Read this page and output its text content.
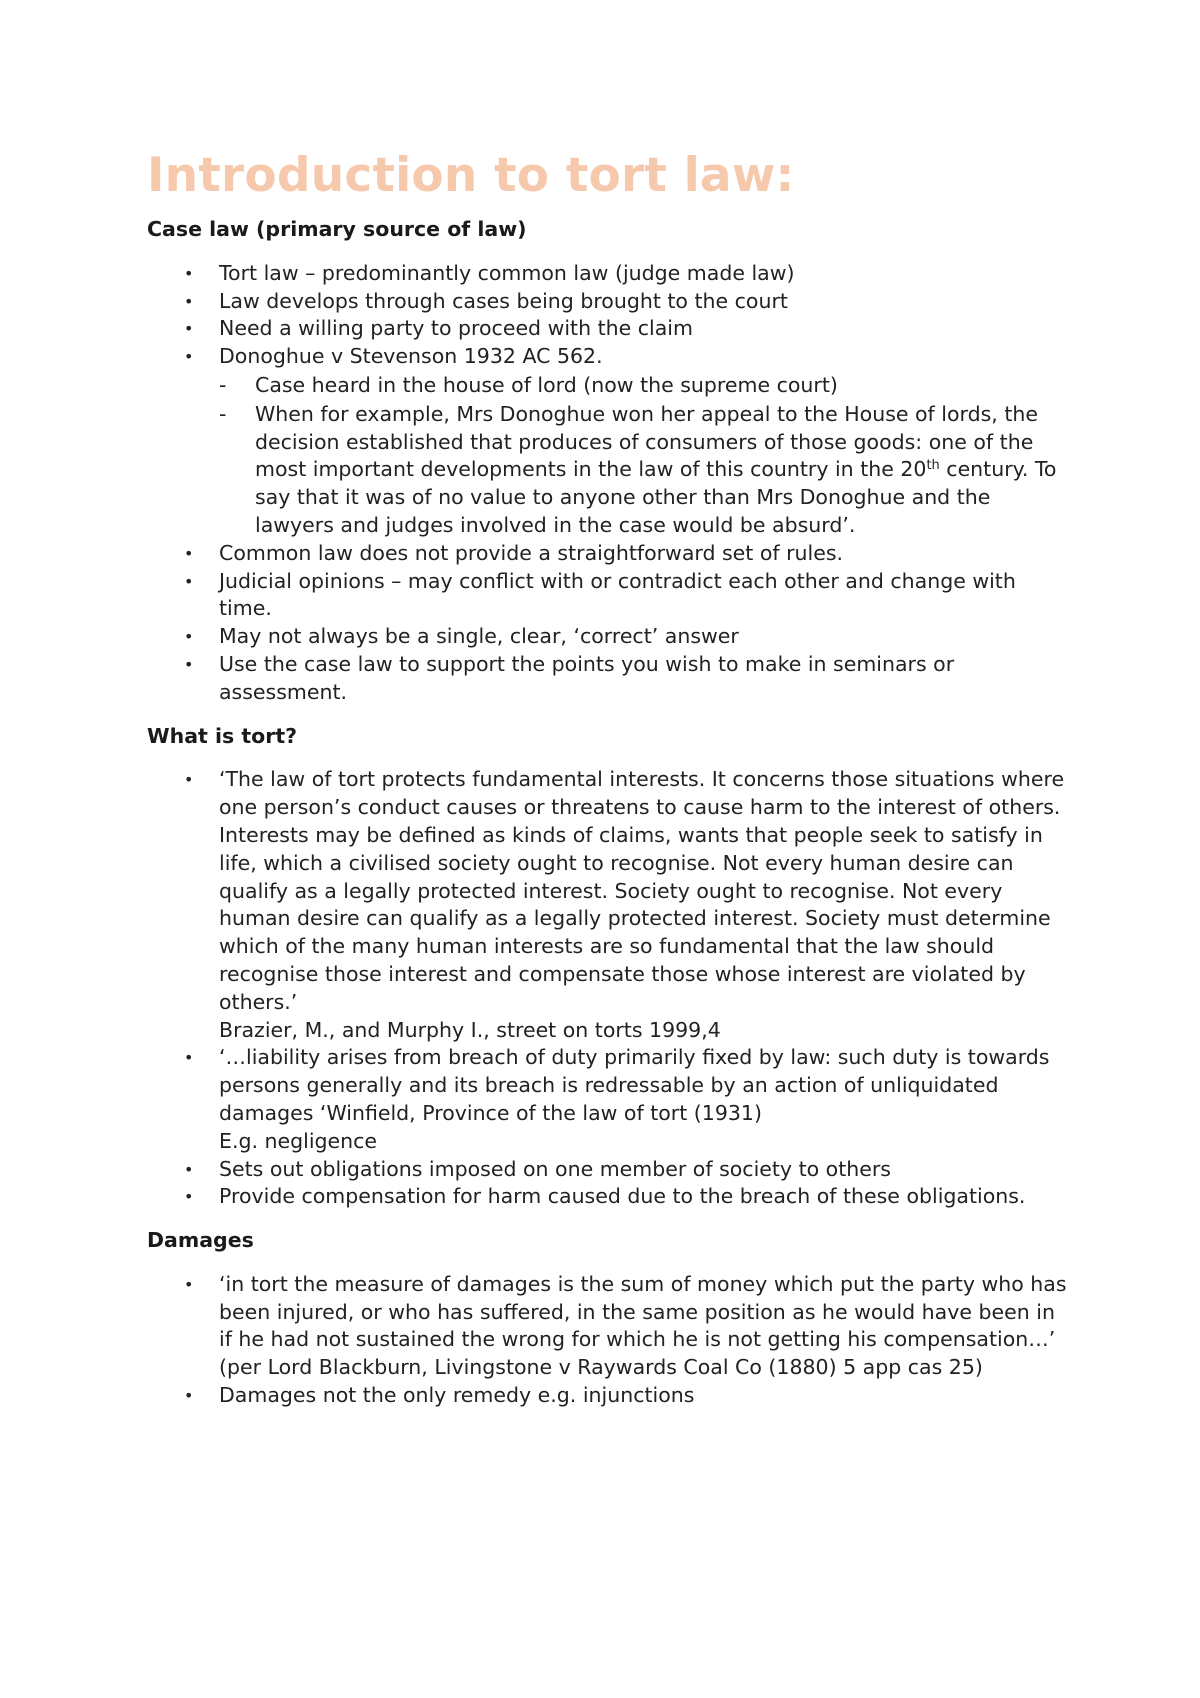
Introduction to tort law:
Case law (primary source of law)
• Tort law – predominantly common law (judge made law)
• Law develops through cases being brought to the court
• Need a willing party to proceed with the claim
• Donoghue v Stevenson 1932 AC 562.
- Case heard in the house of lord (now the supreme court)
- When for example, Mrs Donoghue won her appeal to the House of lords, the decision established that produces of consumers of those goods: one of the most important developments in the law of this country in the 20th century. To say that it was of no value to anyone other than Mrs Donoghue and the lawyers and judges involved in the case would be absurd’.
• Common law does not provide a straightforward set of rules.
• Judicial opinions – may conflict with or contradict each other and change with time.
• May not always be a single, clear, ‘correct’ answer
• Use the case law to support the points you wish to make in seminars or assessment.
What is tort?
• ‘The law of tort protects fundamental interests. It concerns those situations where one person’s conduct causes or threatens to cause harm to the interest of others. Interests may be defined as kinds of claims, wants that people seek to satisfy in life, which a civilised society ought to recognise. Not every human desire can qualify as a legally protected interest. Society ought to recognise. Not every human desire can qualify as a legally protected interest. Society must determine which of the many human interests are so fundamental that the law should recognise those interest and compensate those whose interest are violated by others.’
Brazier, M., and Murphy I., street on torts 1999,4
• ‘…liability arises from breach of duty primarily fixed by law: such duty is towards persons generally and its breach is redressable by an action of unliquidated damages ‘Winfield, Province of the law of tort (1931)
E.g. negligence
• Sets out obligations imposed on one member of society to others
• Provide compensation for harm caused due to the breach of these obligations.
Damages
• ‘in tort the measure of damages is the sum of money which put the party who has been injured, or who has suffered, in the same position as he would have been in if he had not sustained the wrong for which he is not getting his compensation…’
(per Lord Blackburn, Livingstone v Raywards Coal Co (1880) 5 app cas 25)
• Damages not the only remedy e.g. injunctions
